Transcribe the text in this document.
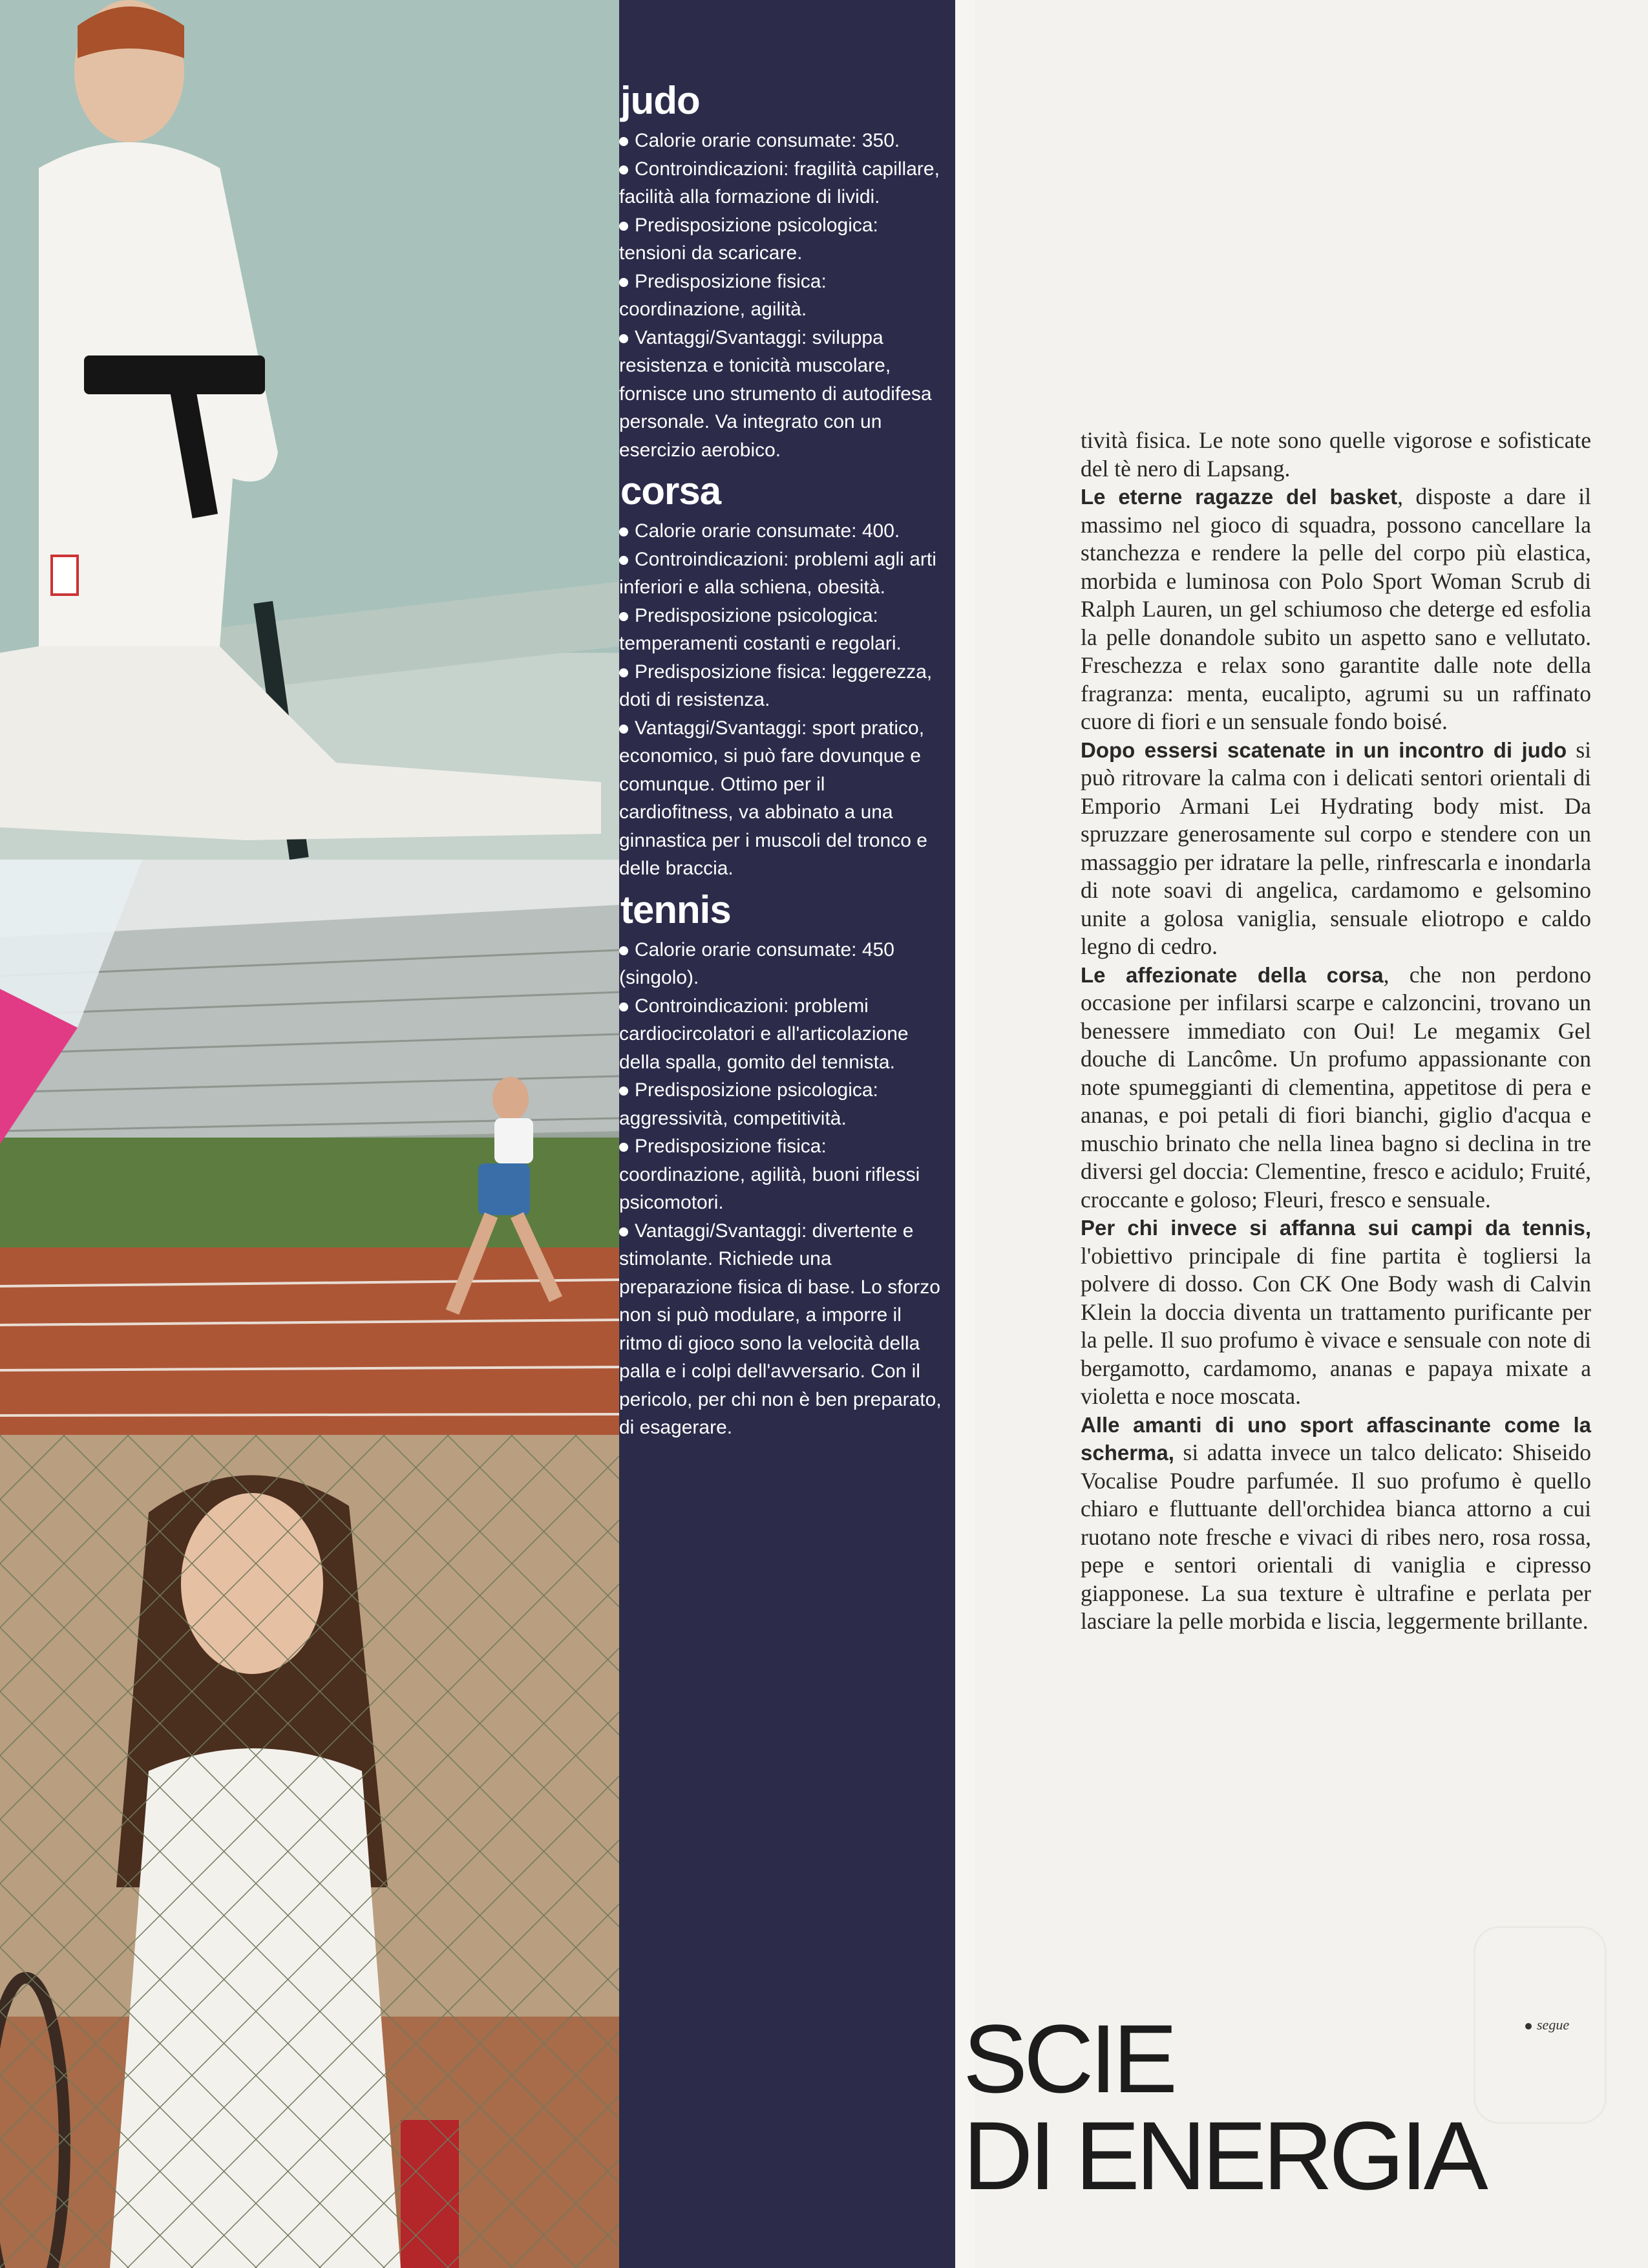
judo

Calorie orarie consumate: 350.

Controindicazioni: fragilità capillare, facilità alla formazione di lividi.

Predisposizione psicologica: tensioni da scaricare.

Predisposizione fisica: coordinazione, agilità.

Vantaggi/Svantaggi: sviluppa resistenza e tonicità muscolare, fornisce uno strumento di autodifesa personale. Va integrato con un esercizio aerobico.

corsa

Calorie orarie consumate: 400.

Controindicazioni: problemi agli arti inferiori e alla schiena, obesità.

Predisposizione psicologica: temperamenti costanti e regolari.

Predisposizione fisica: leggerezza, doti di resistenza.

Vantaggi/Svantaggi: sport pratico, economico, si può fare dovunque e comunque. Ottimo per il cardiofitness, va abbinato a una ginnastica per i muscoli del tronco e delle braccia.

tennis

Calorie orarie consumate: 450 (singolo).

Controindicazioni: problemi cardiocircolatori e all'articolazione della spalla, gomito del tennista.

Predisposizione psicologica: aggressività, competitività.

Predisposizione fisica: coordinazione, agilità, buoni riflessi psicomotori.

Vantaggi/Svantaggi: divertente e stimolante. Richiede una preparazione fisica di base. Lo sforzo non si può modulare, a imporre il ritmo di gioco sono la velocità della palla e i colpi dell'avversario. Con il pericolo, per chi non è ben preparato, di esagerare.

tività fisica. Le note sono quelle vigorose e sofisticate del tè nero di Lapsang.

Le eterne ragazze del basket, disposte a dare il massimo nel gioco di squadra, possono cancellare la stanchezza e rendere la pelle del corpo più elastica, morbida e luminosa con Polo Sport Woman Scrub di Ralph Lauren, un gel schiumoso che deterge ed esfolia la pelle donandole subito un aspetto sano e vellutato. Freschezza e relax sono garantite dalle note della fragranza: menta, eucalipto, agrumi su un raffinato cuore di fiori e un sensuale fondo boisé.

Dopo essersi scatenate in un incontro di judo si può ritrovare la calma con i delicati sentori orientali di Emporio Armani Lei Hydrating body mist. Da spruzzare generosamente sul corpo e stendere con un massaggio per idratare la pelle, rinfrescarla e inondarla di note soavi di angelica, cardamomo e gelsomino unite a golosa vaniglia, sensuale eliotropo e caldo legno di cedro.

Le affezionate della corsa, che non perdono occasione per infilarsi scarpe e calzoncini, trovano un benessere immediato con Oui! Le megamix Gel douche di Lancôme. Un profumo appassionante con note spumeggianti di clementina, appetitose di pera e ananas, e poi petali di fiori bianchi, giglio d'acqua e muschio brinato che nella linea bagno si declina in tre diversi gel doccia: Clementine, fresco e acidulo; Fruité, croccante e goloso; Fleuri, fresco e sensuale.

Per chi invece si affanna sui campi da tennis, l'obiettivo principale di fine partita è togliersi la polvere di dosso. Con CK One Body wash di Calvin Klein la doccia diventa un trattamento purificante per la pelle. Il suo profumo è vivace e sensuale con note di bergamotto, cardamomo, ananas e papaya mixate a violetta e noce moscata.

Alle amanti di uno sport affascinante come la scherma, si adatta invece un talco delicato: Shiseido Vocalise Poudre parfumée. Il suo profumo è quello chiaro e fluttuante dell'orchidea bianca attorno a cui ruotano note fresche e vivaci di ribes nero, rosa rossa, pepe e sentori orientali di vaniglia e cipresso giapponese. La sua texture è ultrafine e perlata per lasciare la pelle morbida e liscia, leggermente brillante.

segue
SCIE
DI ENERGIA
